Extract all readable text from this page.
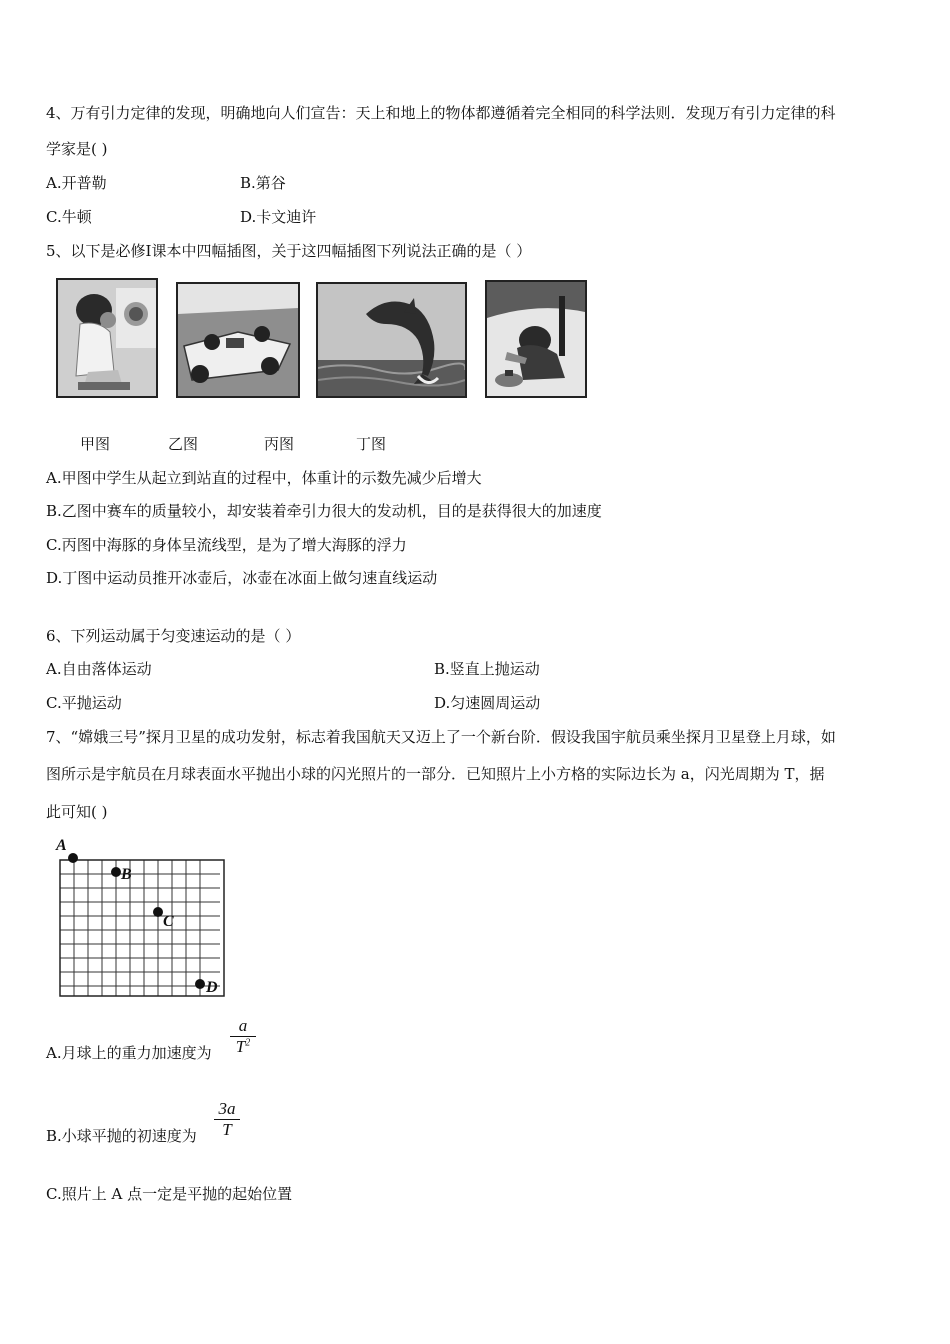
4、万有引力定律的发现，明确地向人们宣告：天上和地上的物体都遵循着完全相同的科学法则．发现万有引力定律的科
学家是( )
A.开普勒	B.第谷
C.牛顿	D.卡文迪许
5、以下是必修Ⅰ课本中四幅插图，关于这四幅插图下列说法正确的是（ ）
甲图	乙图	丙图	丁图
A.甲图中学生从起立到站直的过程中，体重计的示数先减少后增大
B.乙图中赛车的质量较小，却安装着牵引力很大的发动机，目的是获得很大的加速度
C.丙图中海豚的身体呈流线型，是为了增大海豚的浮力
D.丁图中运动员推开冰壶后，冰壶在冰面上做匀速直线运动
6、下列运动属于匀变速运动的是（ ）
A.自由落体运动	B.竖直上抛运动
C.平抛运动	D.匀速圆周运动
7、“嫦娥三号”探月卫星的成功发射，标志着我国航天又迈上了一个新台阶．假设我国宇航员乘坐探月卫星登上月球，如
图所示是宇航员在月球表面水平抛出小球的闪光照片的一部分．已知照片上小方格的实际边长为 a，闪光周期为 T，据
此可知( )
A
B
C
D
A.月球上的重力加速度为
a
$T^2$
B.小球平抛的初速度为
3a
T
C.照片上 A 点一定是平抛的起始位置
